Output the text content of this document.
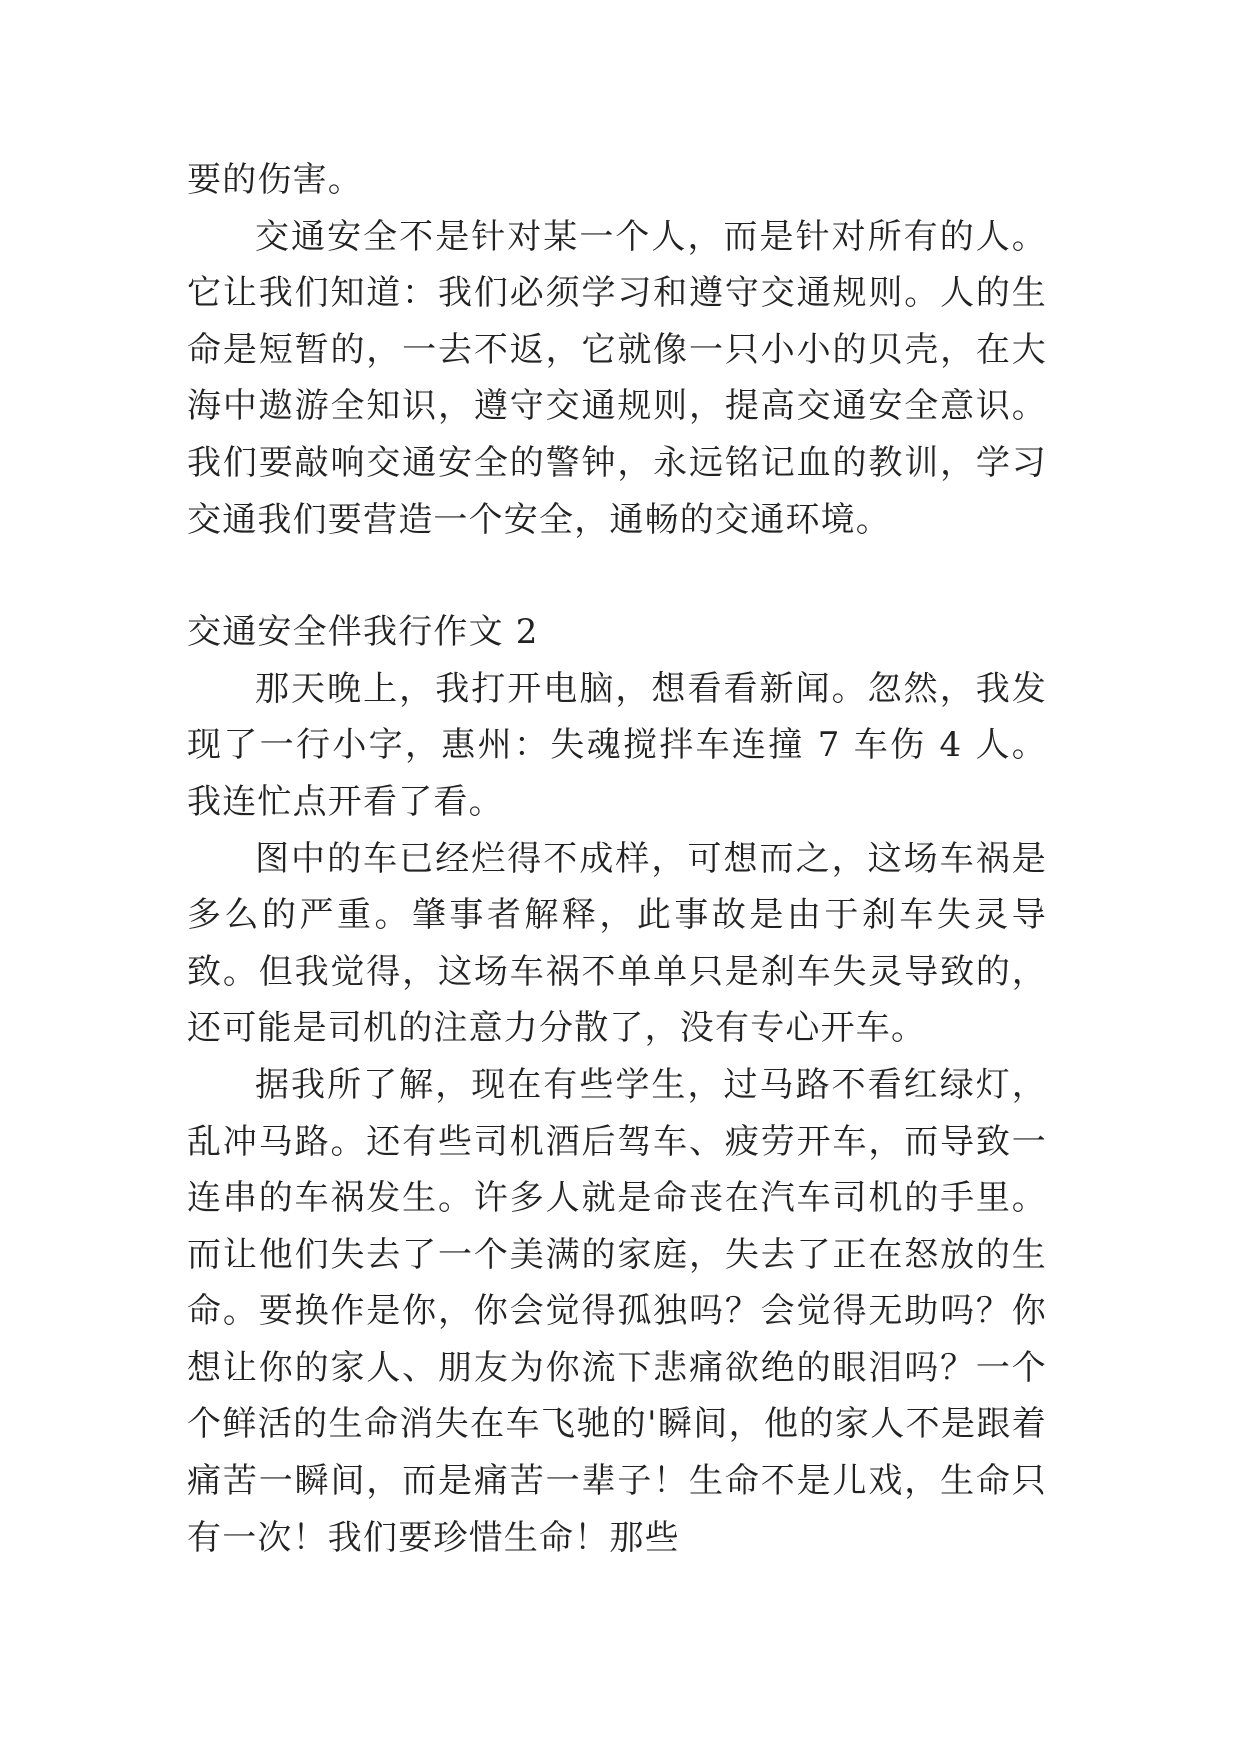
要的伤害。

交通安全不是针对某一个人，而是针对所有的人。它让我们知道：我们必须学习和遵守交通规则。人的生命是短暂的，一去不返，它就像一只小小的贝壳，在大海中遨游全知识，遵守交通规则，提高交通安全意识。我们要敲响交通安全的警钟，永远铭记血的教训，学习交通我们要营造一个安全，通畅的交通环境。

交通安全伴我行作文 2

那天晚上，我打开电脑，想看看新闻。忽然，我发现了一行小字，惠州：失魂搅拌车连撞 7 车伤 4 人。我连忙点开看了看。

图中的车已经烂得不成样，可想而之，这场车祸是多么的严重。肇事者解释，此事故是由于刹车失灵导致。但我觉得，这场车祸不单单只是刹车失灵导致的，还可能是司机的注意力分散了，没有专心开车。

据我所了解，现在有些学生，过马路不看红绿灯，乱冲马路。还有些司机酒后驾车、疲劳开车，而导致一连串的车祸发生。许多人就是命丧在汽车司机的手里。而让他们失去了一个美满的家庭，失去了正在怒放的生命。要换作是你，你会觉得孤独吗？会觉得无助吗？你想让你的家人、朋友为你流下悲痛欲绝的眼泪吗？一个个鲜活的生命消失在车飞驰的'瞬间，他的家人不是跟着痛苦一瞬间，而是痛苦一辈子！生命不是儿戏，生命只有一次！我们要珍惜生命！那些
